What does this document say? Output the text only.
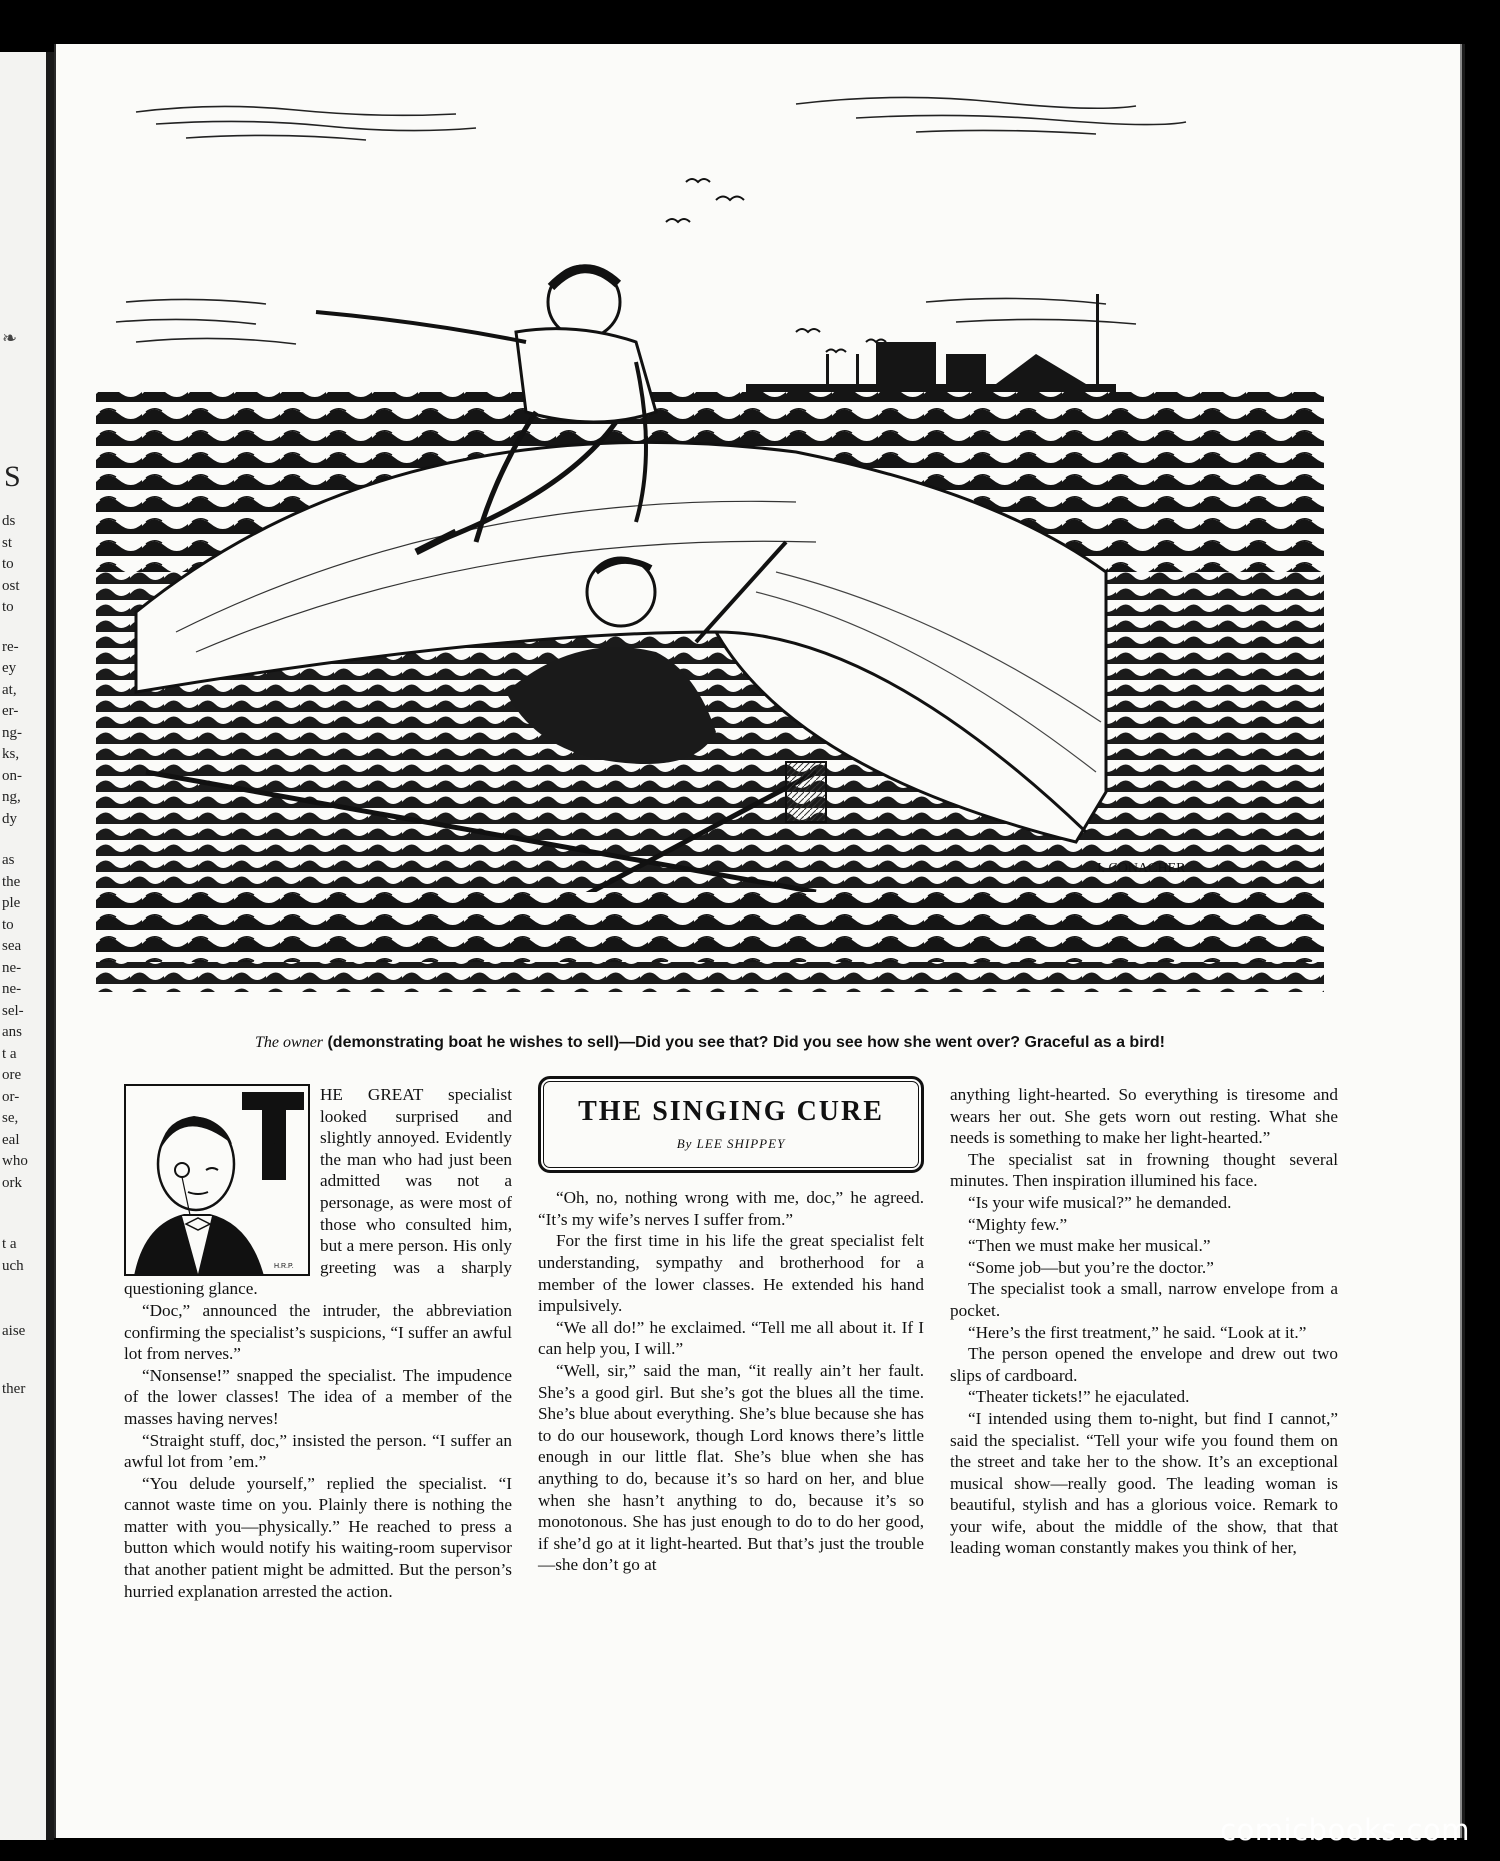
S
ds
st
to
ost
to
re-
ey
at,
er-
ng-
ks,
on-
ng,
dy
as
the
ple
to
sea
ne-
ne-
sel-
ans
t a
ore
or-
se,
eal
who
ork
t a
uch
aise
ther
❧
J. CONACHER
The owner (demonstrating boat he wishes to sell)—Did you see that? Did you see how she went over? Graceful as a bird!
T
H.R.P.

HE GREAT specialist looked surprised and slightly annoyed. Evidently the man who had just been admitted was not a personage, as were most of those who consulted him, but a mere person. His only greeting was a sharply questioning glance.

“Doc,” announced the intruder, the abbreviation confirming the specialist’s suspicions, “I suffer an awful lot from nerves.”

“Nonsense!” snapped the specialist. The impudence of the lower classes! The idea of a member of the masses having nerves!

“Straight stuff, doc,” insisted the person. “I suffer an awful lot from ’em.”

“You delude yourself,” replied the specialist. “I cannot waste time on you. Plainly there is nothing the matter with you—physically.” He reached to press a button which would notify his waiting-room supervisor that another patient might be admitted. But the person’s hurried explanation arrested the action.

THE SINGING CURE
By LEE SHIPPEY

“Oh, no, nothing wrong with me, doc,” he agreed. “It’s my wife’s nerves I suffer from.”

For the first time in his life the great specialist felt understanding, sympathy and brotherhood for a member of the lower classes. He extended his hand impulsively.

“We all do!” he exclaimed. “Tell me all about it. If I can help you, I will.”

“Well, sir,” said the man, “it really ain’t her fault. She’s a good girl. But she’s got the blues all the time. She’s blue about everything. She’s blue because she has to do our housework, though Lord knows there’s little enough in our little flat. She’s blue when she has anything to do, because it’s so hard on her, and blue when she hasn’t anything to do, because it’s so monotonous. She has just enough to do to do her good, if she’d go at it light-hearted. But that’s just the trouble—she don’t go at

anything light-hearted. So everything is tiresome and wears her out. She gets worn out resting. What she needs is something to make her light-hearted.”

The specialist sat in frowning thought several minutes. Then inspiration illumined his face.

“Is your wife musical?” he demanded.

“Mighty few.”

“Then we must make her musical.”

“Some job—but you’re the doctor.”

The specialist took a small, narrow envelope from a pocket.

“Here’s the first treatment,” he said. “Look at it.”

The person opened the envelope and drew out two slips of cardboard.

“Theater tickets!” he ejaculated.

“I intended using them to-night, but find I cannot,” said the specialist. “Tell your wife you found them on the street and take her to the show. It’s an exceptional musical show—really good. The leading woman is beautiful, stylish and has a glorious voice. Remark to your wife, about the middle of the show, that that leading woman constantly makes you think of her,

comicbooks.com
